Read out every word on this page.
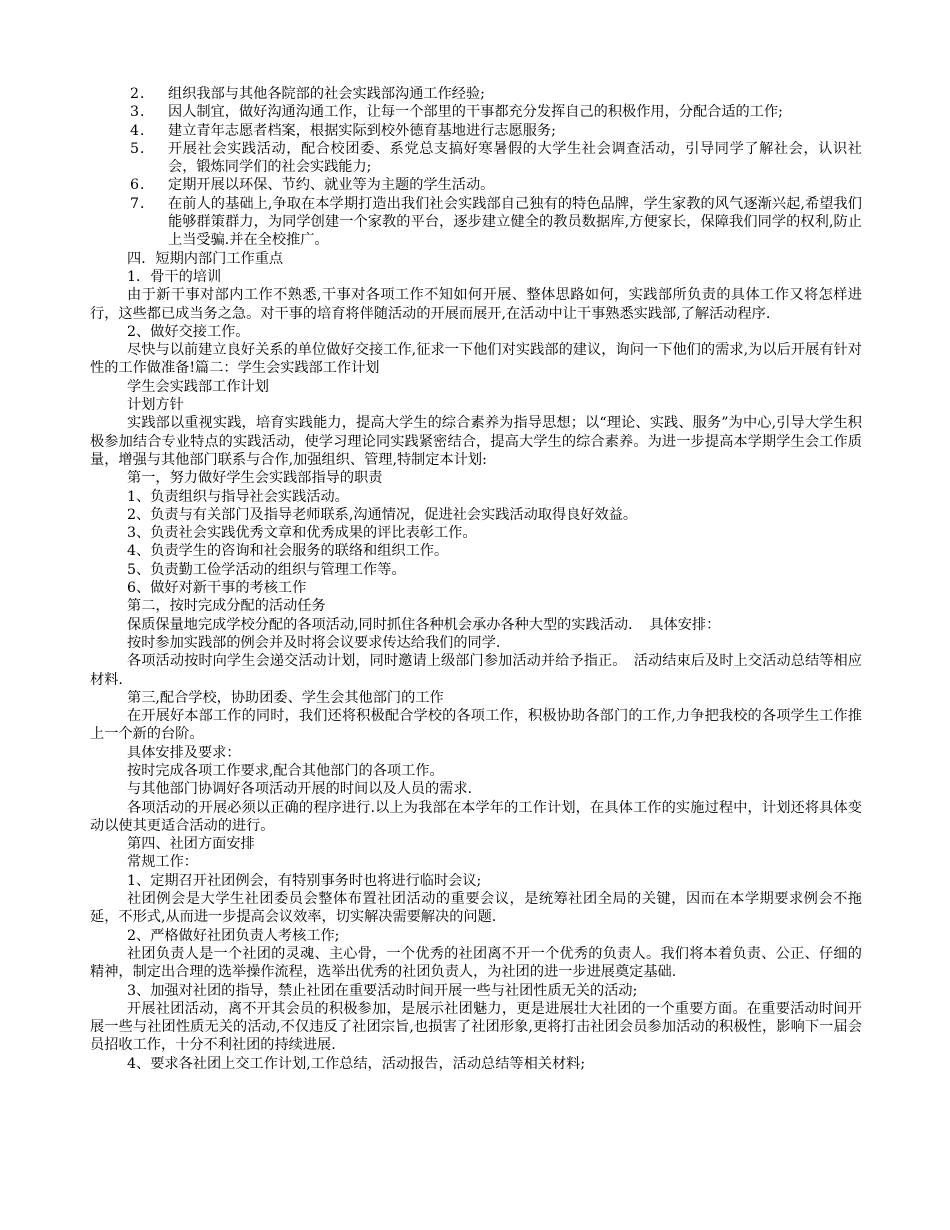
2． 组织我部与其他各院部的社会实践部沟通工作经验;
3． 因人制宜，做好沟通沟通工作，让每一个部里的干事都充分发挥自己的积极作用，分配合适的工作;
4． 建立青年志愿者档案，根据实际到校外德育基地进行志愿服务;
5． 开展社会实践活动，配合校团委、系党总支搞好寒暑假的大学生社会调查活动，引导同学了解社会，认识社会，锻炼同学们的社会实践能力;
6． 定期开展以环保、节约、就业等为主题的学生活动。
7． 在前人的基础上,争取在本学期打造出我们社会实践部自己独有的特色品牌，学生家教的风气逐渐兴起,希望我们能够群策群力，为同学创建一个家教的平台，逐步建立健全的教员数据库,方便家长，保障我们同学的权利,防止上当受骗.并在全校推广。

四．短期内部门工作重点

1．骨干的培训

由于新干事对部内工作不熟悉,干事对各项工作不知如何开展、整体思路如何，实践部所负责的具体工作又将怎样进行，这些都已成当务之急。对干事的培育将伴随活动的开展而展开,在活动中让干事熟悉实践部,了解活动程序.

2、做好交接工作。

尽快与以前建立良好关系的单位做好交接工作,征求一下他们对实践部的建议，询问一下他们的需求,为以后开展有针对性的工作做准备!篇二：学生会实践部工作计划

学生会实践部工作计划

计划方针

实践部以重视实践，培育实践能力，提高大学生的综合素养为指导思想；以“理论、实践、服务”为中心,引导大学生积极参加结合专业特点的实践活动，使学习理论同实践紧密结合，提高大学生的综合素养。为进一步提高本学期学生会工作质量，增强与其他部门联系与合作,加强组织、管理,特制定本计划:

第一，努力做好学生会实践部指导的职责

1、负责组织与指导社会实践活动。

2、负责与有关部门及指导老师联系,沟通情况，促进社会实践活动取得良好效益。

3、负责社会实践优秀文章和优秀成果的评比表彰工作。

4、负责学生的咨询和社会服务的联络和组织工作。

5、负责勤工俭学活动的组织与管理工作等。

6、做好对新干事的考核工作

第二，按时完成分配的活动任务

保质保量地完成学校分配的各项活动,同时抓住各种机会承办各种大型的实践活动．　具体安排：

按时参加实践部的例会并及时将会议要求传达给我们的同学.

各项活动按时向学生会递交活动计划，同时邀请上级部门参加活动并给予指正。　活动结束后及时上交活动总结等相应材料.

第三,配合学校，协助团委、学生会其他部门的工作

在开展好本部工作的同时，我们还将积极配合学校的各项工作，积极协助各部门的工作,力争把我校的各项学生工作推上一个新的台阶。

具体安排及要求：

按时完成各项工作要求,配合其他部门的各项工作。

与其他部门协调好各项活动开展的时间以及人员的需求.

各项活动的开展必须以正确的程序进行.以上为我部在本学年的工作计划，在具体工作的实施过程中，计划还将具体变动以使其更适合活动的进行。

第四、社团方面安排

常规工作：

1、定期召开社团例会，有特别事务时也将进行临时会议;

社团例会是大学生社团委员会整体布置社团活动的重要会议，是统筹社团全局的关键，因而在本学期要求例会不拖延，不形式,从而进一步提高会议效率，切实解决需要解决的问题.

2、严格做好社团负责人考核工作;

社团负责人是一个社团的灵魂、主心骨，一个优秀的社团离不开一个优秀的负责人。我们将本着负责、公正、仔细的精神，制定出合理的选举操作流程，选举出优秀的社团负责人，为社团的进一步进展奠定基础.

3、加强对社团的指导，禁止社团在重要活动时间开展一些与社团性质无关的活动;

开展社团活动，离不开其会员的积极参加，是展示社团魅力，更是进展壮大社团的一个重要方面。在重要活动时间开展一些与社团性质无关的活动,不仅违反了社团宗旨,也损害了社团形象,更将打击社团会员参加活动的积极性，影响下一届会员招收工作，十分不利社团的持续进展.

4、要求各社团上交工作计划,工作总结，活动报告，活动总结等相关材料;
